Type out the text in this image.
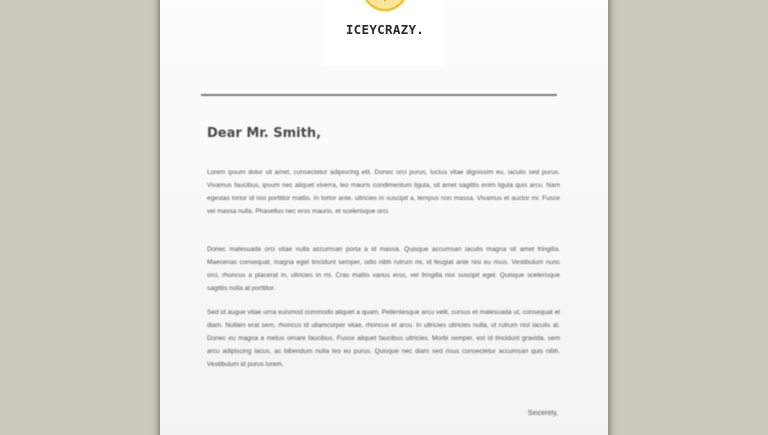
ICEYCRAZY.
Dear Mr. Smith,

Lorem ipsum dolor sit amet, consectetur adipiscing elit. Donec orci purus, luctus vitae dignissim eu, iaculis sed purus. Vivamus faucibus, ipsum nec aliquet viverra, leo mauris condimentum ligula, sit amet sagittis enim ligula quis arcu. Nam egestas tortor id nisi porttitor mattis. In tortor ante, ultricies in suscipit a, tempus non massa. Vivamus et auctor mi. Fusce vel massa nulla. Phasellus nec eros mauris, et scelerisque orci.

Donec malesuada orci vitae nulla accumsan porta a id massa. Quisque accumsan iaculis magna sit amet fringilla. Maecenas consequat, magna eget tincidunt semper, odio nibh rutrum mi, id feugiat ante nisi eu risus. Vestibulum nunc orci, rhoncus a placerat in, ultricies in mi. Cras mattis varius eros, vel fringilla nisi suscipit eget. Quisque scelerisque sagittis nulla at porttitor.

Sed id augue vitae urna euismod commodo aliquet a quam. Pellentesque arcu velit, cursus et malesuada ut, consequat et diam. Nullam erat sem, rhoncus id ullamcorper vitae, rhoncus et arcu. In ultricies ultricies nulla, ut rutrum nisl iaculis at. Donec eu magna a metus ornare faucibus. Fusce aliquet faucibus ultricies. Morbi semper, est id tincidunt gravida, sem arcu adipiscing lacus, ac bibendum nulla leo eu purus. Quisque nec diam sed risus consectetur accumsan quis nibh. Vestibulum id purus lorem.

Sincerely,
